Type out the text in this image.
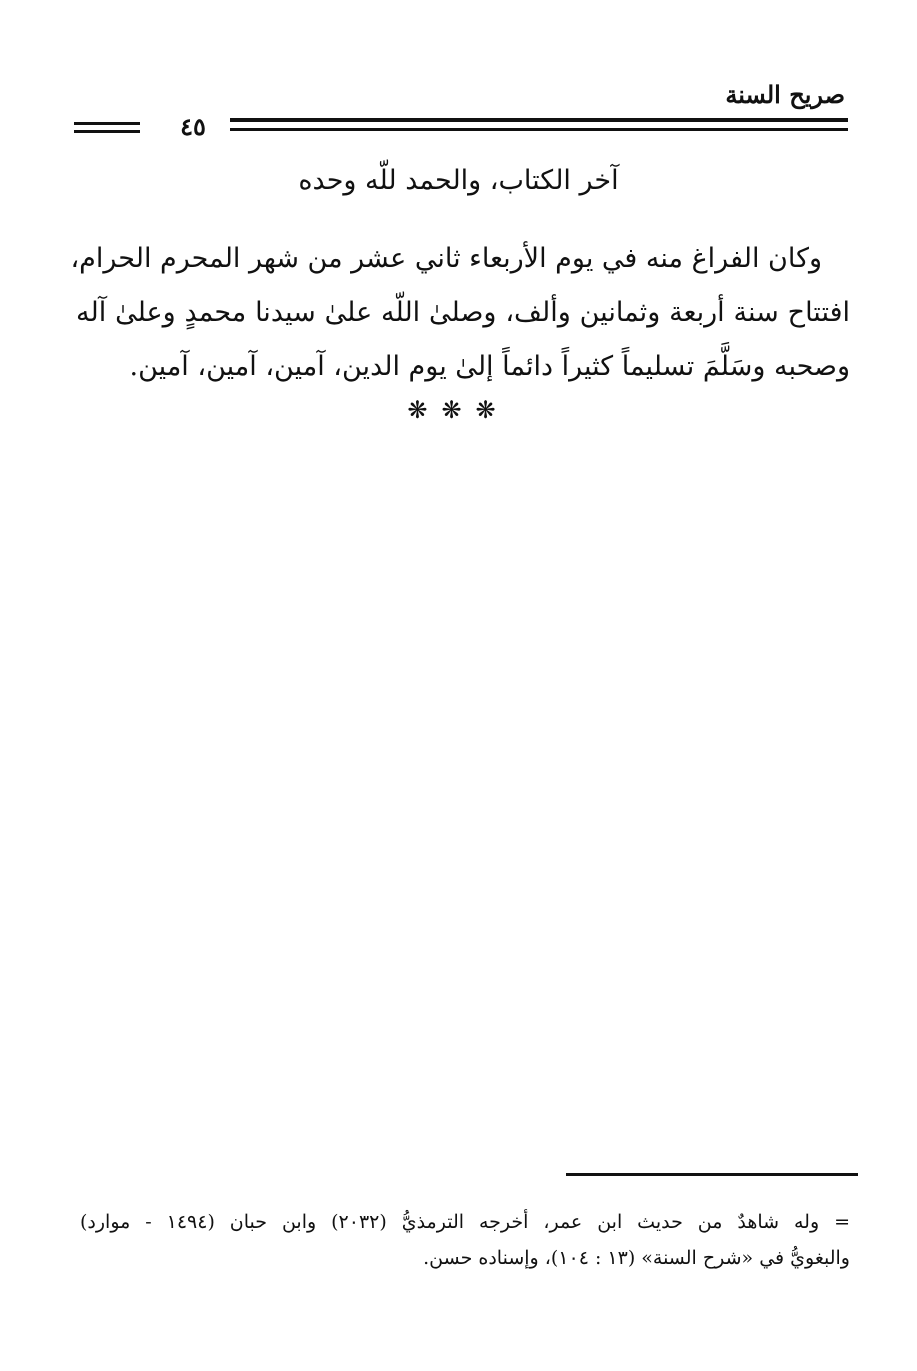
صريح السنة
٤٥
آخر الكتاب، والحمد للّه وحده
وكان الفراغ منه في يوم الأربعاء ثاني عشر من شهر المحرم الحرام،
افتتاح سنة أربعة وثمانين وألف، وصلىٰ اللّه علىٰ سيدنا محمدٍ وعلىٰ آله
وصحبه وسَلَّمَ تسليماً كثيراً دائماً إلىٰ يوم الدين، آمين، آمين، آمين.
❋❋❋
= وله شاهدٌ من حديث ابن عمر، أخرجه الترمذيُّ (٢٠٣٢) وابن حبان (١٤٩٤ - موارد)
والبغويُّ في «شرح السنة» (١٣ : ١٠٤)، وإسناده حسن.
